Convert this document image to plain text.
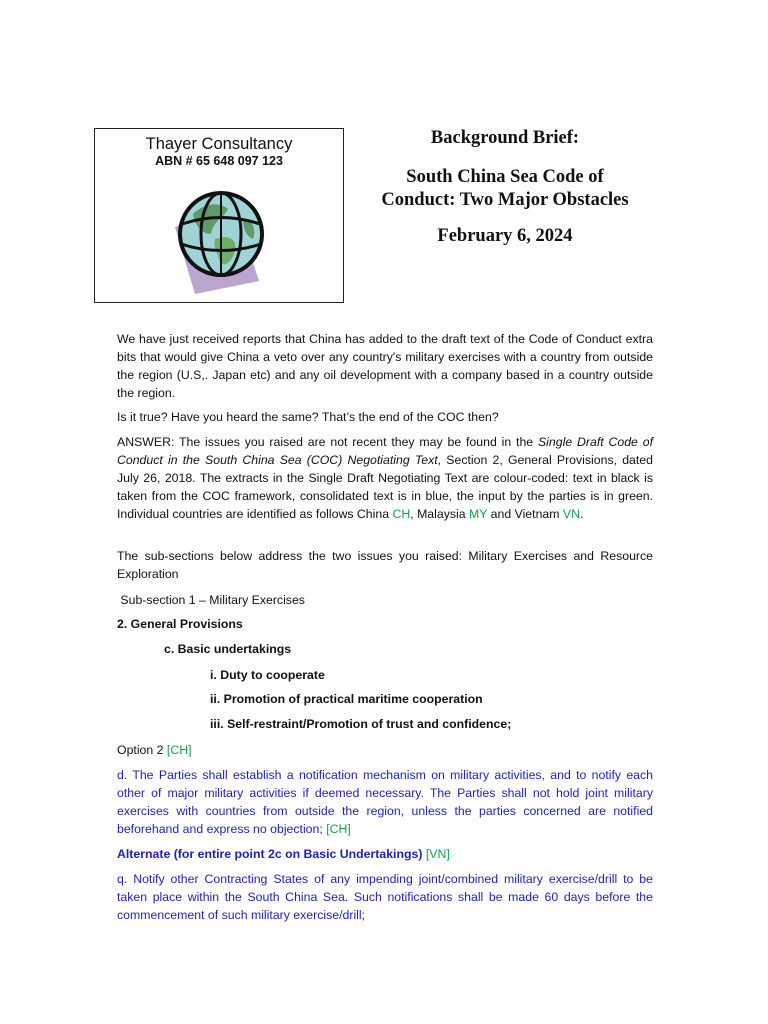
Thayer Consultancy
ABN # 65 648 097 123
Background Brief:
South China Sea Code of
Conduct: Two Major Obstacles
February 6, 2024
We have just received reports that China has added to the draft text of the Code of Conduct extra bits that would give China a veto over any country's military exercises with a country from outside the region (U.S,. Japan etc) and any oil development with a company based in a country outside the region.
Is it true? Have you heard the same? That’s the end of the COC then?
ANSWER: The issues you raised are not recent they may be found in the Single Draft Code of Conduct in the South China Sea (COC) Negotiating Text, Section 2, General Provisions, dated July 26, 2018. The extracts in the Single Draft Negotiating Text are colour-coded: text in black is taken from the COC framework, consolidated text is in blue, the input by the parties is in green. Individual countries are identified as follows China CH, Malaysia MY and Vietnam VN.
The sub-sections below address the two issues you raised: Military Exercises and Resource Exploration
Sub-section 1 – Military Exercises
2. General Provisions
c. Basic undertakings
i. Duty to cooperate
ii. Promotion of practical maritime cooperation
iii. Self-restraint/Promotion of trust and confidence;
Option 2 [CH]
d. The Parties shall establish a notification mechanism on military activities, and to notify each other of major military activities if deemed necessary. The Parties shall not hold joint military exercises with countries from outside the region, unless the parties concerned are notified beforehand and express no objection; [CH]
Alternate (for entire point 2c on Basic Undertakings) [VN]
q. Notify other Contracting States of any impending joint/combined military exercise/drill to be taken place within the South China Sea. Such notifications shall be made 60 days before the commencement of such military exercise/drill;
